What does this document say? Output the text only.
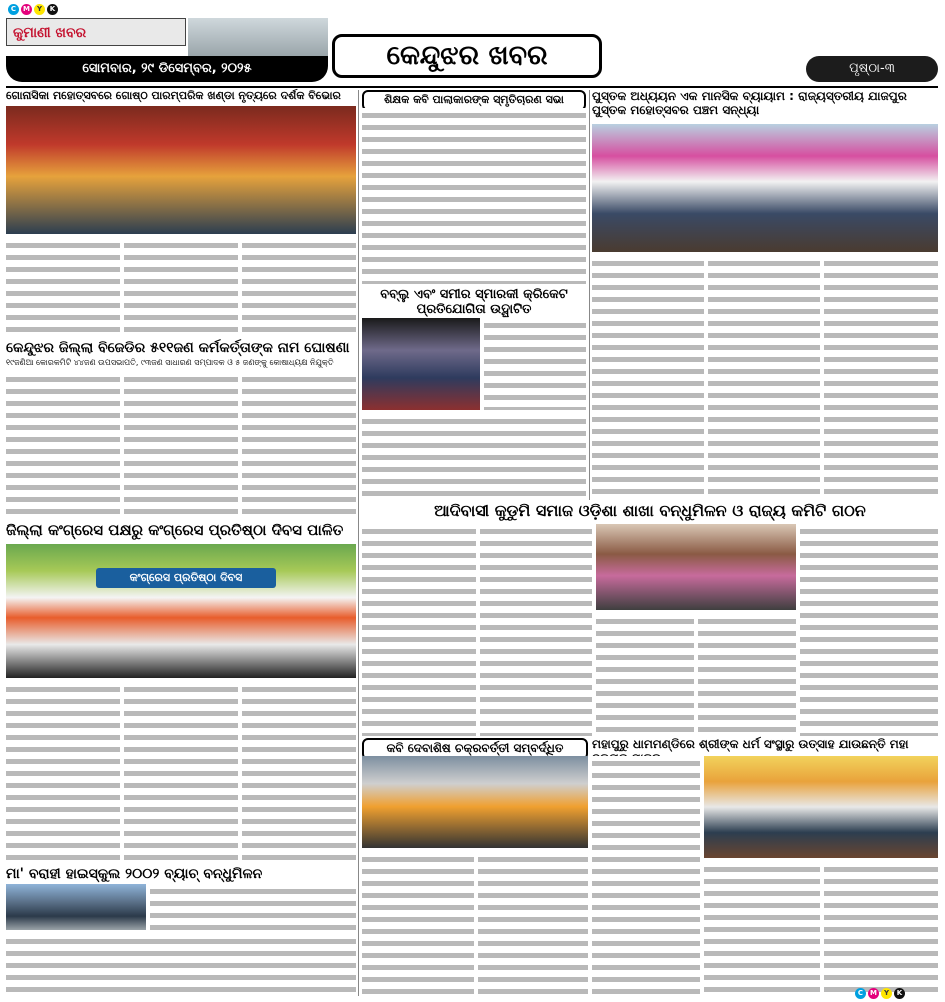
C M Y	K
କୁମାଣୀ ଖବର
କେନ୍ଦୁଝର ଖବର
ସୋମବାର, ୨୯ ଡିସେମ୍ବର, ୨୦୨୫	ପୃଷ୍ଠା-୩
ଗୋନାସିକା ମହୋତ୍ସବରେ ଗୋଷ୍ଠ ପାରମ୍ପରିକ ଖଣ୍ଡା ନୃତ୍ୟରେ ଦର୍ଶକ ବିଭୋର
କେନ୍ଦୁଝର ଜିଲ୍ଲା ବିଜେଡିର ୫୧୧ଜଣ କର୍ମକର୍ତ୍ତାଙ୍କ ନାମ ଘୋଷଣା
୧୯ଜଣିଆ କୋରକମିଟି ୪୪ଜଣ ଉପସଭାପତି, ୯୩ଜଣ ସାଧାରଣ ସମ୍ପାଦକ ଓ ୫ ଜଣଙ୍କୁ କୋଷାଧ୍ୟକ୍ଷ ନିଯୁକ୍ତି
ଜିଲ୍ଲା କଂଗ୍ରେସ ପକ୍ଷରୁ କଂଗ୍ରେସ ପ୍ରତିଷ୍ଠା ଦିବସ ପାଳିତ
କଂଗ୍ରେସ ପ୍ରତିଷ୍ଠା ଦିବସ
ମା' ବରାହୀ ହାଇସ୍କୁଲ ୨୦୦୨ ବ୍ୟାଚ୍ ବନ୍ଧୁମିଳନ
ଶିକ୍ଷକ କବି ପାଲାକାରଙ୍କ ସ୍ମୃତିଚାରଣ ସଭା
ବବ୍ଲୁ ଏବଂ ସମୀର ସ୍ମାରକୀ କ୍ରିକେଟ ପ୍ରତିଯୋଗିତା ଉଦ୍ଘାଟିତ
ପୁସ୍ତକ ଅଧ୍ୟୟନ ଏକ ମାନସିକ ବ୍ୟାୟାମ : ରାଜ୍ୟସ୍ତରୀୟ ଯାଜପୁର ପୁସ୍ତକ ମହୋତ୍ସବର ପଞ୍ଚମ ସନ୍ଧ୍ୟା
ଆଦିବାସୀ କୁଡୁମି ସମାଜ ଓଡ଼ିଶା ଶାଖା ବନ୍ଧୁମିଳନ ଓ ରାଜ୍ୟ କମିଟି ଗଠନ
କବି ଦେବାଶିଷ ଚକ୍ରବର୍ତ୍ତୀ ସମ୍ବର୍ଦ୍ଧିତ	ମହାପୁରୁ ଧାମମଣ୍ଡିରେ ଶ୍ରୀଙ୍କ ଧର୍ମ ସଂସ୍ଥାରୁ ଉତ୍ସାହ ଯାଉଛନ୍ତି ମହା
C M Y	K
